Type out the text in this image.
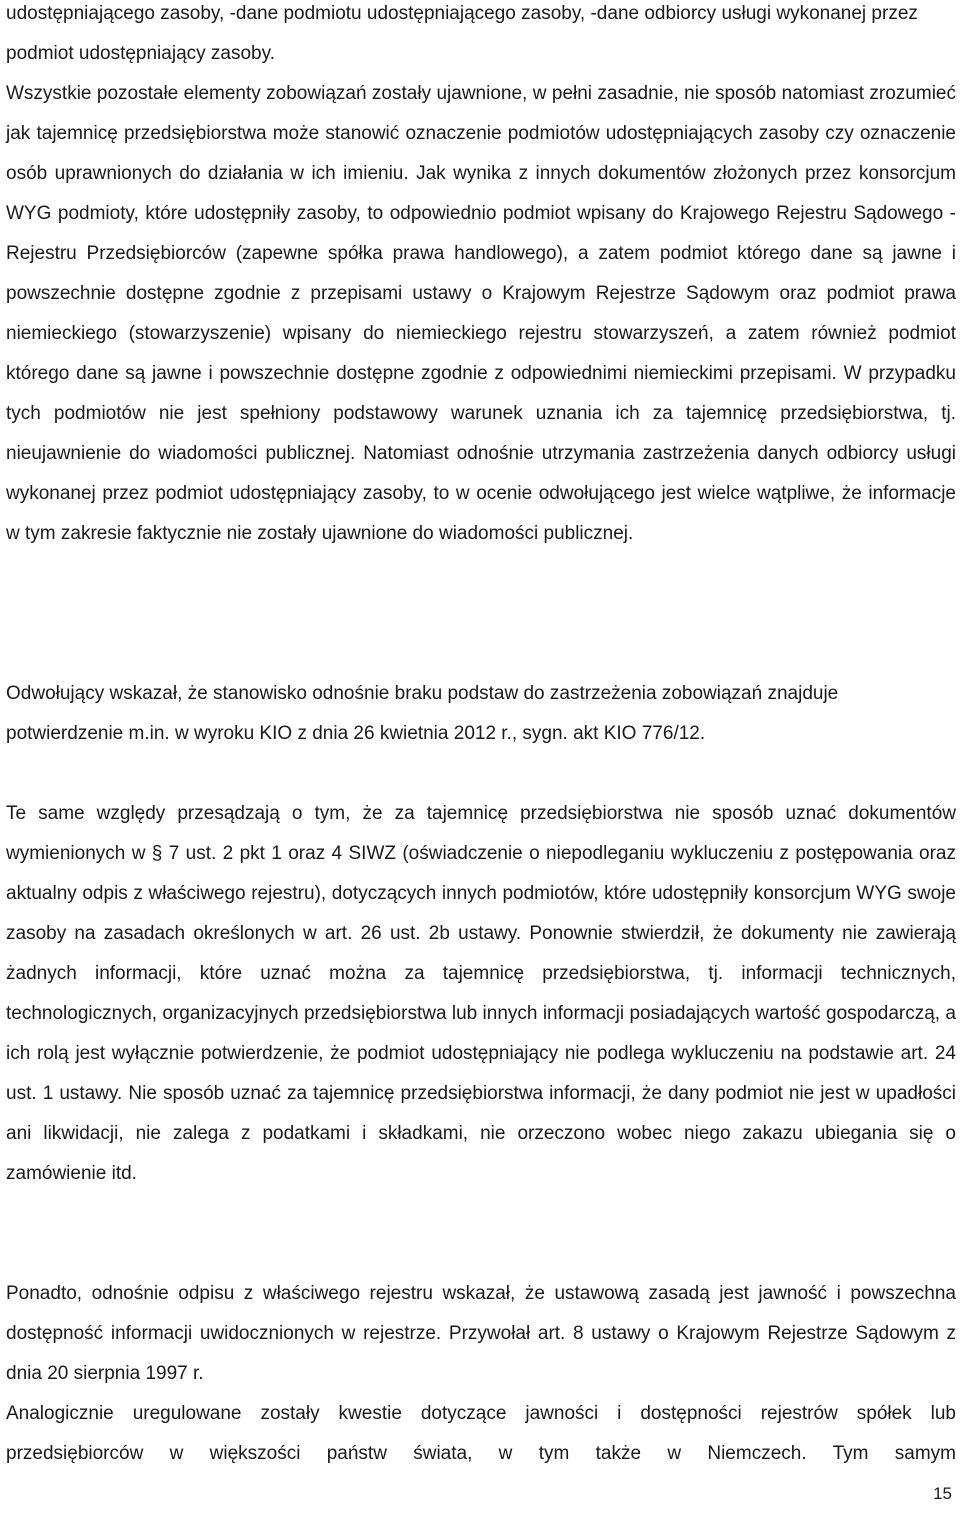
udostępniającego zasoby, -dane podmiotu udostępniającego zasoby, -dane odbiorcy usługi wykonanej przez podmiot udostępniający zasoby.
Wszystkie pozostałe elementy zobowiązań zostały ujawnione, w pełni zasadnie, nie sposób natomiast zrozumieć jak tajemnicę przedsiębiorstwa może stanowić oznaczenie podmiotów udostępniających zasoby czy oznaczenie osób uprawnionych do działania w ich imieniu. Jak wynika z innych dokumentów złożonych przez konsorcjum WYG podmioty, które udostępniły zasoby, to odpowiednio podmiot wpisany do Krajowego Rejestru Sądowego - Rejestru Przedsiębiorców (zapewne spółka prawa handlowego), a zatem podmiot którego dane są jawne i powszechnie dostępne zgodnie z przepisami ustawy o Krajowym Rejestrze Sądowym oraz podmiot prawa niemieckiego (stowarzyszenie) wpisany do niemieckiego rejestru stowarzyszeń, a zatem również podmiot którego dane są jawne i powszechnie dostępne zgodnie z odpowiednimi niemieckimi przepisami. W przypadku tych podmiotów nie jest spełniony podstawowy warunek uznania ich za tajemnicę przedsiębiorstwa, tj. nieujawnienie do wiadomości publicznej. Natomiast odnośnie utrzymania zastrzeżenia danych odbiorcy usługi wykonanej przez podmiot udostępniający zasoby, to w ocenie odwołującego jest wielce wątpliwe, że informacje w tym zakresie faktycznie nie zostały ujawnione do wiadomości publicznej.
Odwołujący wskazał, że stanowisko odnośnie braku podstaw do zastrzeżenia zobowiązań znajduje potwierdzenie m.in. w wyroku KIO z dnia 26 kwietnia 2012 r., sygn. akt KIO 776/12.
Te same względy przesądzają o tym, że za tajemnicę przedsiębiorstwa nie sposób uznać dokumentów wymienionych w § 7 ust. 2 pkt 1 oraz 4 SIWZ (oświadczenie o niepodleganiu wykluczeniu z postępowania oraz aktualny odpis z właściwego rejestru), dotyczących innych podmiotów, które udostępniły konsorcjum WYG swoje zasoby na zasadach określonych w art. 26 ust. 2b ustawy. Ponownie stwierdził, że dokumenty nie zawierają żadnych informacji, które uznać można za tajemnicę przedsiębiorstwa, tj. informacji technicznych, technologicznych, organizacyjnych przedsiębiorstwa lub innych informacji posiadających wartość gospodarczą, a ich rolą jest wyłącznie potwierdzenie, że podmiot udostępniający nie podlega wykluczeniu na podstawie art. 24 ust. 1 ustawy. Nie sposób uznać za tajemnicę przedsiębiorstwa informacji, że dany podmiot nie jest w upadłości ani likwidacji, nie zalega z podatkami i składkami, nie orzeczono wobec niego zakazu ubiegania się o zamówienie itd.
Ponadto, odnośnie odpisu z właściwego rejestru wskazał, że ustawową zasadą jest jawność i powszechna dostępność informacji uwidocznionych w rejestrze. Przywołał art. 8 ustawy o Krajowym Rejestrze Sądowym z dnia 20 sierpnia 1997 r.
Analogicznie uregulowane zostały kwestie dotyczące jawności i dostępności rejestrów spółek lub przedsiębiorców w większości państw świata, w tym także w Niemczech. Tym samym
15
